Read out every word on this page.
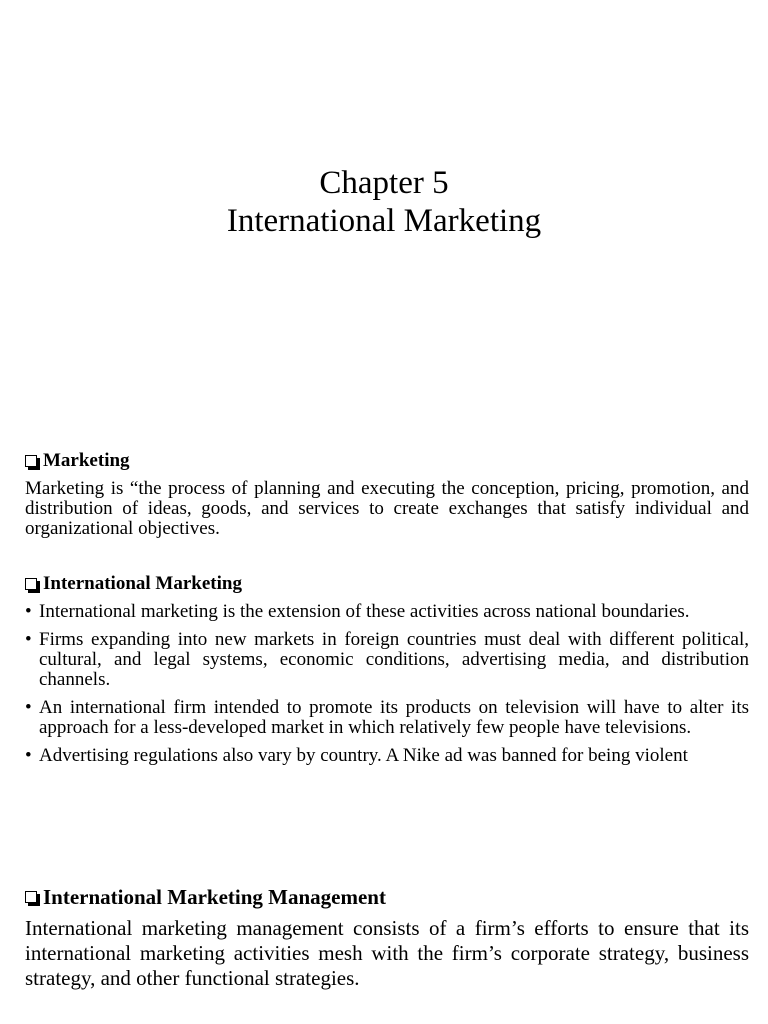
Chapter 5
International Marketing
Marketing

Marketing is “the process of planning and executing the conception, pricing, promotion, and distribution of ideas, goods, and services to create exchanges that satisfy individual and organizational objectives.

International Marketing
• International marketing is the extension of these activities across national boundaries.
• Firms expanding into new markets in foreign countries must deal with different political, cultural, and legal systems, economic conditions, advertising media, and distribution channels.
• An international firm intended to promote its products on television will have to alter its approach for a less-developed market in which relatively few people have televisions.
• Advertising regulations also vary by country. A Nike ad was banned for being violent
International Marketing Management

International marketing management consists of a firm’s efforts to ensure that its international marketing activities mesh with the firm’s corporate strategy, business strategy, and other functional strategies.
